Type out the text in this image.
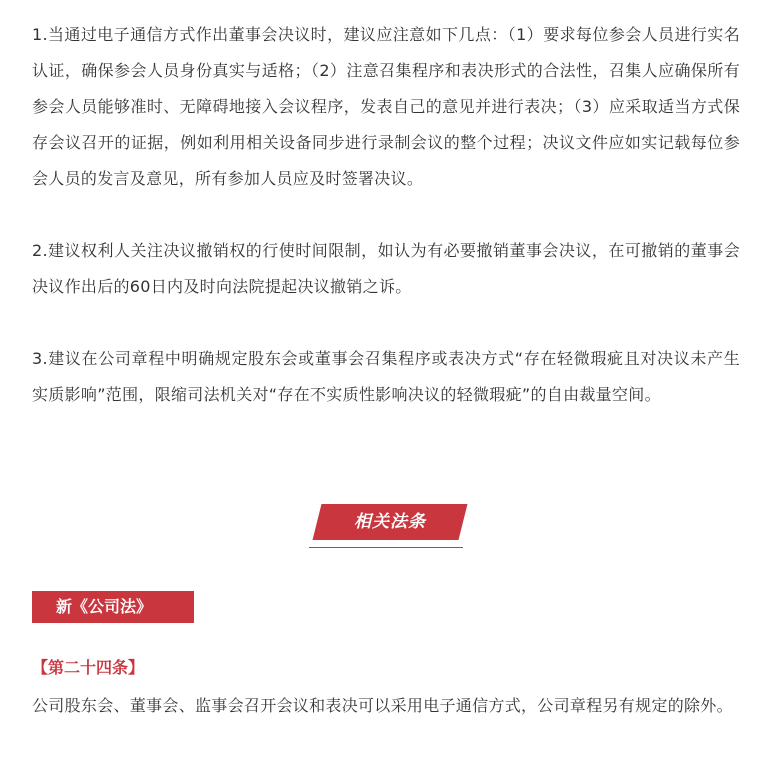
1.当通过电子通信方式作出董事会决议时，建议应注意如下几点：（1）要求每位参会人员进行实名认证，确保参会人员身份真实与适格；（2）注意召集程序和表决形式的合法性，召集人应确保所有参会人员能够准时、无障碍地接入会议程序，发表自己的意见并进行表决；（3）应采取适当方式保存会议召开的证据，例如利用相关设备同步进行录制会议的整个过程；决议文件应如实记载每位参会人员的发言及意见，所有参加人员应及时签署决议。

2.建议权利人关注决议撤销权的行使时间限制，如认为有必要撤销董事会决议，在可撤销的董事会决议作出后的60日内及时向法院提起决议撤销之诉。

3.建议在公司章程中明确规定股东会或董事会召集程序或表决方式“存在轻微瑕疵且对决议未产生实质影响”范围，限缩司法机关对“存在不实质性影响决议的轻微瑕疵”的自由裁量空间。

相关法条
新《公司法》

【第二十四条】

公司股东会、董事会、监事会召开会议和表决可以采用电子通信方式，公司章程另有规定的除外。
